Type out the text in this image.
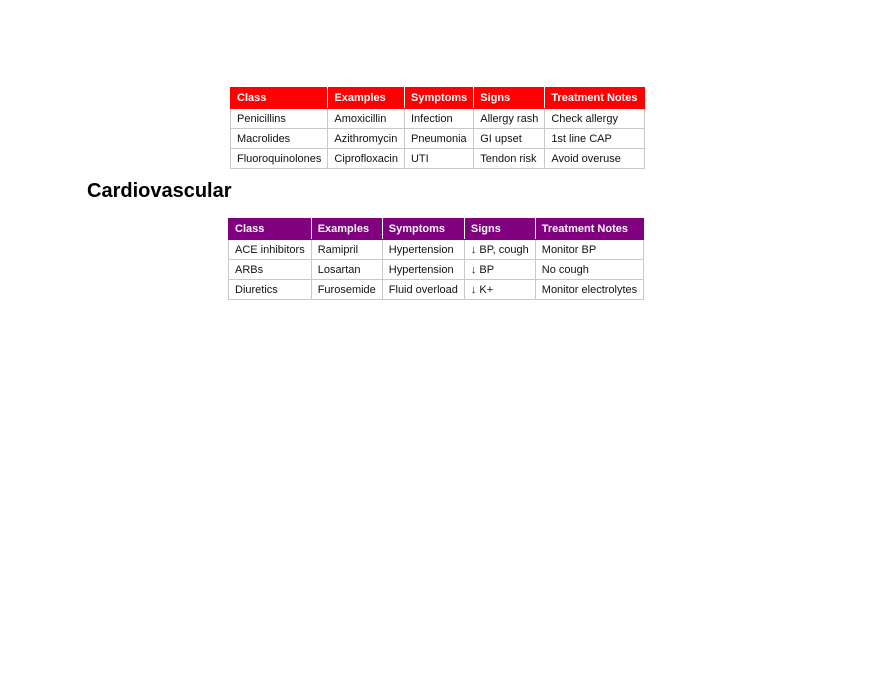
Class	Examples	Symptoms	Signs	Treatment Notes
Penicillins	Amoxicillin	Infection	Allergy rash	Check allergy
Macrolides	Azithromycin	Pneumonia	GI upset	1st line CAP
Fluoroquinolones	Ciprofloxacin	UTI	Tendon risk	Avoid overuse
Cardiovascular
Class	Examples	Symptoms	Signs	Treatment Notes
ACE inhibitors	Ramipril	Hypertension	↓ BP, cough	Monitor BP
ARBs	Losartan	Hypertension	↓ BP	No cough
Diuretics	Furosemide	Fluid overload	↓ K+	Monitor electrolytes
